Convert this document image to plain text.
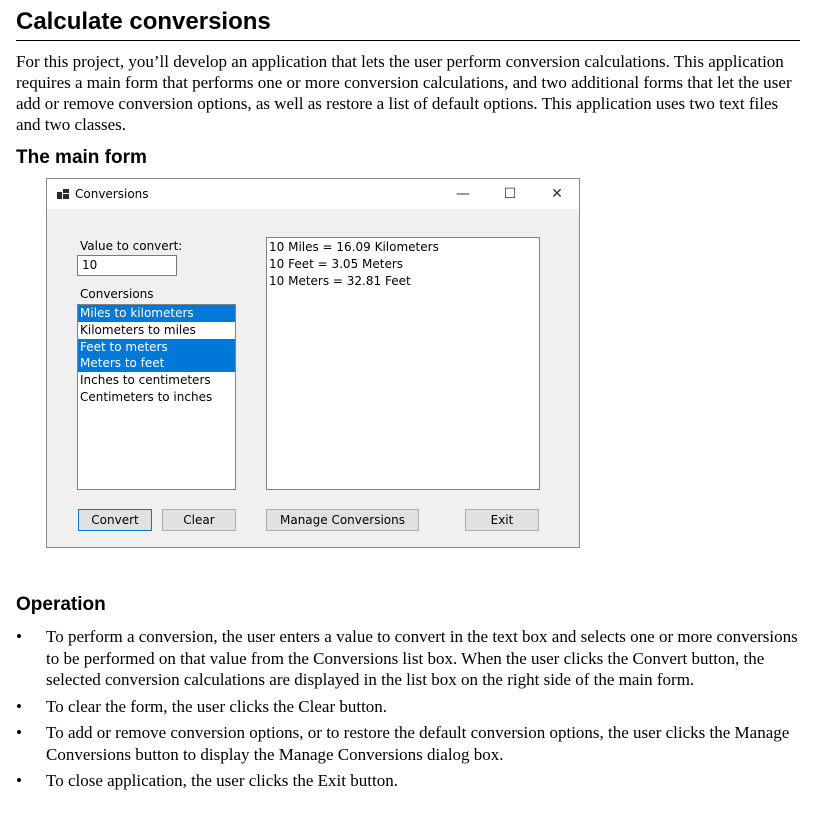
Calculate conversions

For this project, you’ll develop an application that lets the user perform conversion calculations. This application requires a main form that performs one or more conversion calculations, and two additional forms that let the user add or remove conversion options, as well as restore a list of default options. This application uses two text files and two classes.

The main form
Conversions	—	☐	✕
Value to convert:
10
Conversions
Miles to kilometers
Kilometers to miles
Feet to meters
Meters to feet
Inches to centimeters
Centimeters to inches
10 Miles = 16.09 Kilometers
10 Feet = 3.05 Meters
10 Meters = 32.81 Feet
Convert	Clear	Manage Conversions	Exit
Operation
• To perform a conversion, the user enters a value to convert in the text box and selects one or more conversions to be performed on that value from the Conversions list box. When the user clicks the Convert button, the selected conversion calculations are displayed in the list box on the right side of the main form.
• To clear the form, the user clicks the Clear button.
• To add or remove conversion options, or to restore the default conversion options, the user clicks the Manage Conversions button to display the Manage Conversions dialog box.
• To close application, the user clicks the Exit button.
